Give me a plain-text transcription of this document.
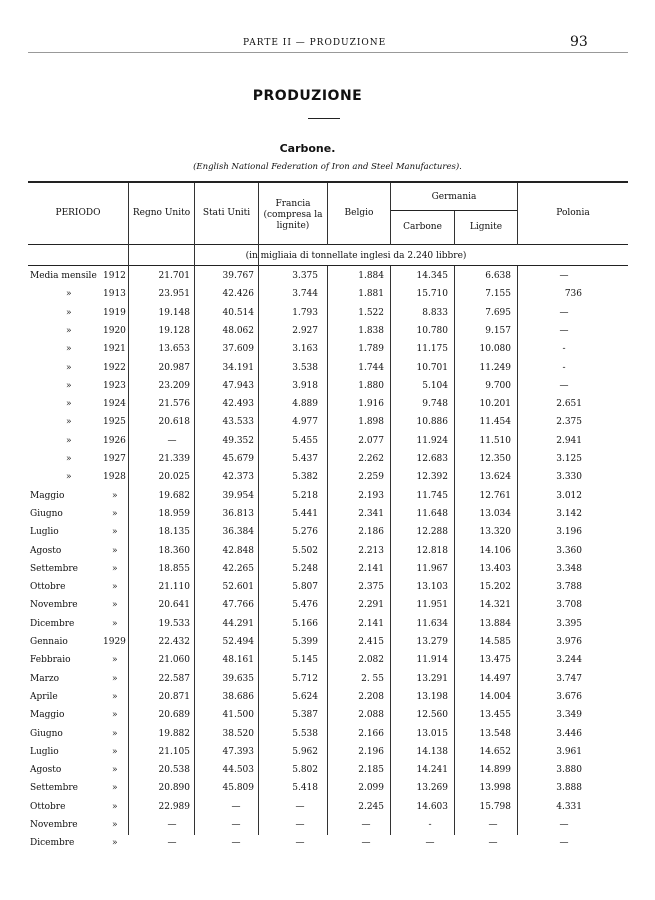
PARTE II — PRODUZIONE	93
PRODUZIONE
Carbone.
(English National Federation of Iron and Steel Manufactures).
PERIODO	Regno Unito	Stati Uniti
Francia (compresa la lignite)
Belgio
Germania
Carbone	Lignite
Polonia
(in migliaia di tonnellate inglesi da 2.240 libbre)
Media mensile 1912	21.701	39.767	3.375	1.884	14.345	6.638	—
»	1913	23.951	42.426	3.744	1.881	15.710	7.155	736
»	1919	19.148	40.514	1.793	1.522	8.833	7.695	—
»	1920	19.128	48.062	2.927	1.838	10.780	9.157	—
»	1921	13.653	37.609	3.163	1.789	11.175	10.080	-
»	1922	20.987	34.191	3.538	1.744	10.701	11.249	-
»	1923	23.209	47.943	3.918	1.880	5.104	9.700	—
»	1924	21.576	42.493	4.889	1.916	9.748	10.201	2.651
»	1925	20.618	43.533	4.977	1.898	10.886	11.454	2.375
»	1926	—	49.352	5.455	2.077	11.924	11.510	2.941
»	1927	21.339	45.679	5.437	2.262	12.683	12.350	3.125
»	1928	20.025	42.373	5.382	2.259	12.392	13.624	3.330
Maggio	»	19.682	39.954	5.218	2.193	11.745	12.761	3.012
Giugno	»	18.959	36.813	5.441	2.341	11.648	13.034	3.142
Luglio	»	18.135	36.384	5.276	2.186	12.288	13.320	3.196
Agosto	»	18.360	42.848	5.502	2.213	12.818	14.106	3.360
Settembre	»	18.855	42.265	5.248	2.141	11.967	13.403	3.348
Ottobre	»	21.110	52.601	5.807	2.375	13.103	15.202	3.788
Novembre	»	20.641	47.766	5.476	2.291	11.951	14.321	3.708
Dicembre	»	19.533	44.291	5.166	2.141	11.634	13.884	3.395
Gennaio	1929	22.432	52.494	5.399	2.415	13.279	14.585	3.976
Febbraio	»	21.060	48.161	5.145	2.082	11.914	13.475	3.244
Marzo	»	22.587	39.635	5.712	2. 55	13.291	14.497	3.747
Aprile	»	20.871	38.686	5.624	2.208	13.198	14.004	3.676
Maggio	»	20.689	41.500	5.387	2.088	12.560	13.455	3.349
Giugno	»	19.882	38.520	5.538	2.166	13.015	13.548	3.446
Luglio	»	21.105	47.393	5.962	2.196	14.138	14.652	3.961
Agosto	»	20.538	44.503	5.802	2.185	14.241	14.899	3.880
Settembre	»	20.890	45.809	5.418	2.099	13.269	13.998	3.888
Ottobre	»	22.989	—	—	2.245	14.603	15.798	4.331
Novembre	»	—	—	—	—	-	—	—
Dicembre	»	—	—	—	—	—	—	—
